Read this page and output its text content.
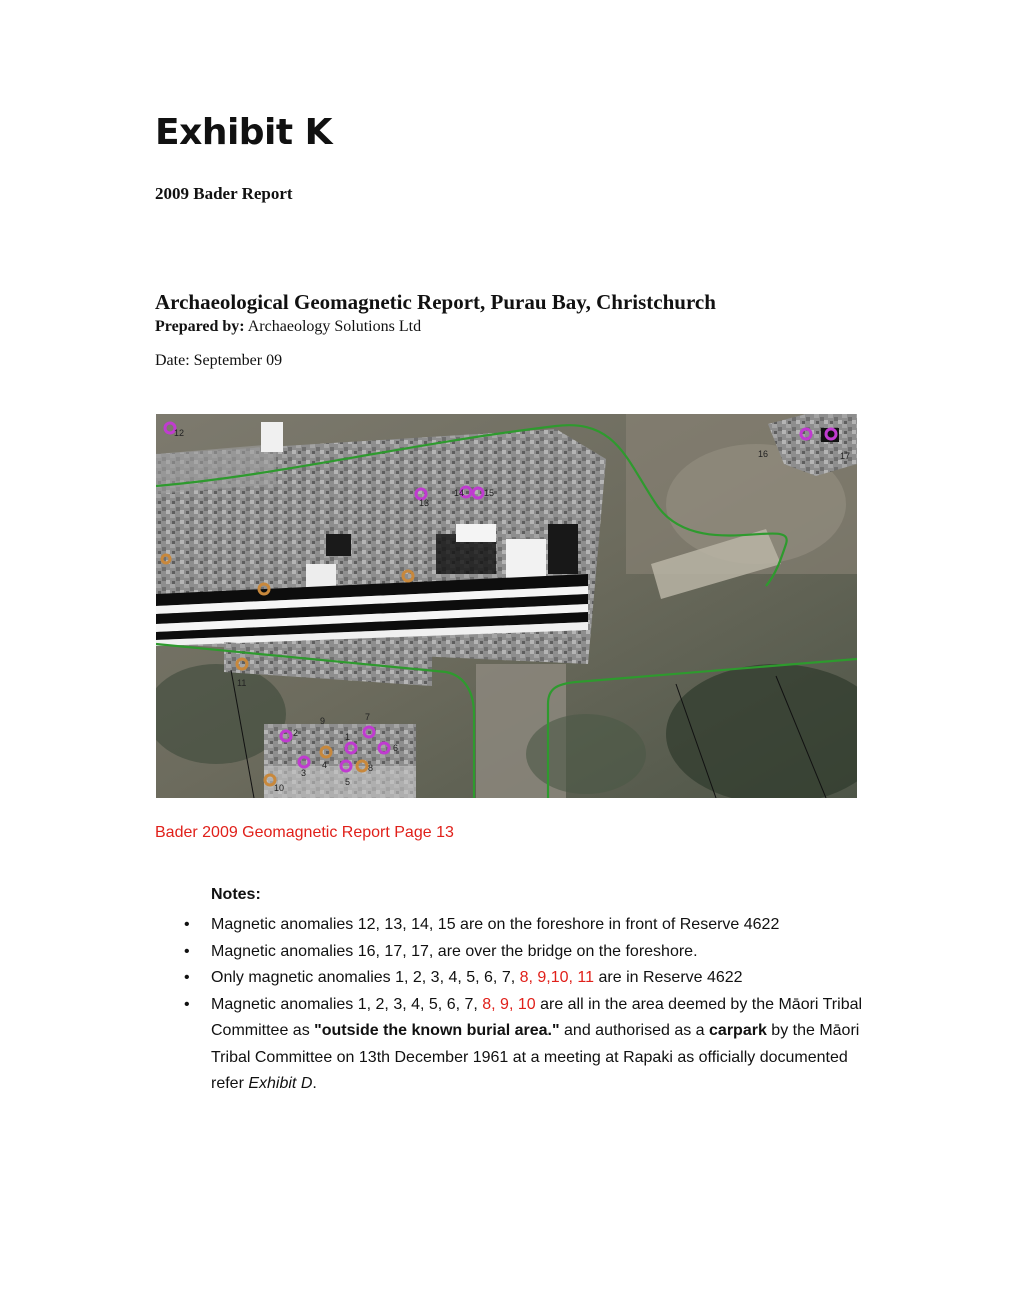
Exhibit K
2009 Bader Report
Archaeological Geomagnetic Report, Purau Bay, Christchurch
Prepared by: Archaeology Solutions Ltd
Date: September 09
12
13
14 15
16	17
11
9	7
1
2
3
4
5
6
8
10
Bader 2009 Geomagnetic Report Page 13
Notes:
• Magnetic anomalies 12, 13, 14, 15 are on the foreshore in front of Reserve 4622
• Magnetic anomalies 16, 17, 17, are over the bridge on the foreshore.
• Only magnetic anomalies 1, 2, 3, 4, 5, 6, 7, 8, 9,10, 11 are in Reserve 4622
• Magnetic anomalies 1, 2, 3, 4, 5, 6, 7, 8, 9, 10 are all in the area deemed by the Māori Tribal Committee as "outside the known burial area." and authorised as a carpark by the Māori Tribal Committee on 13th December 1961 at a meeting at Rapaki as officially documented refer Exhibit D.
